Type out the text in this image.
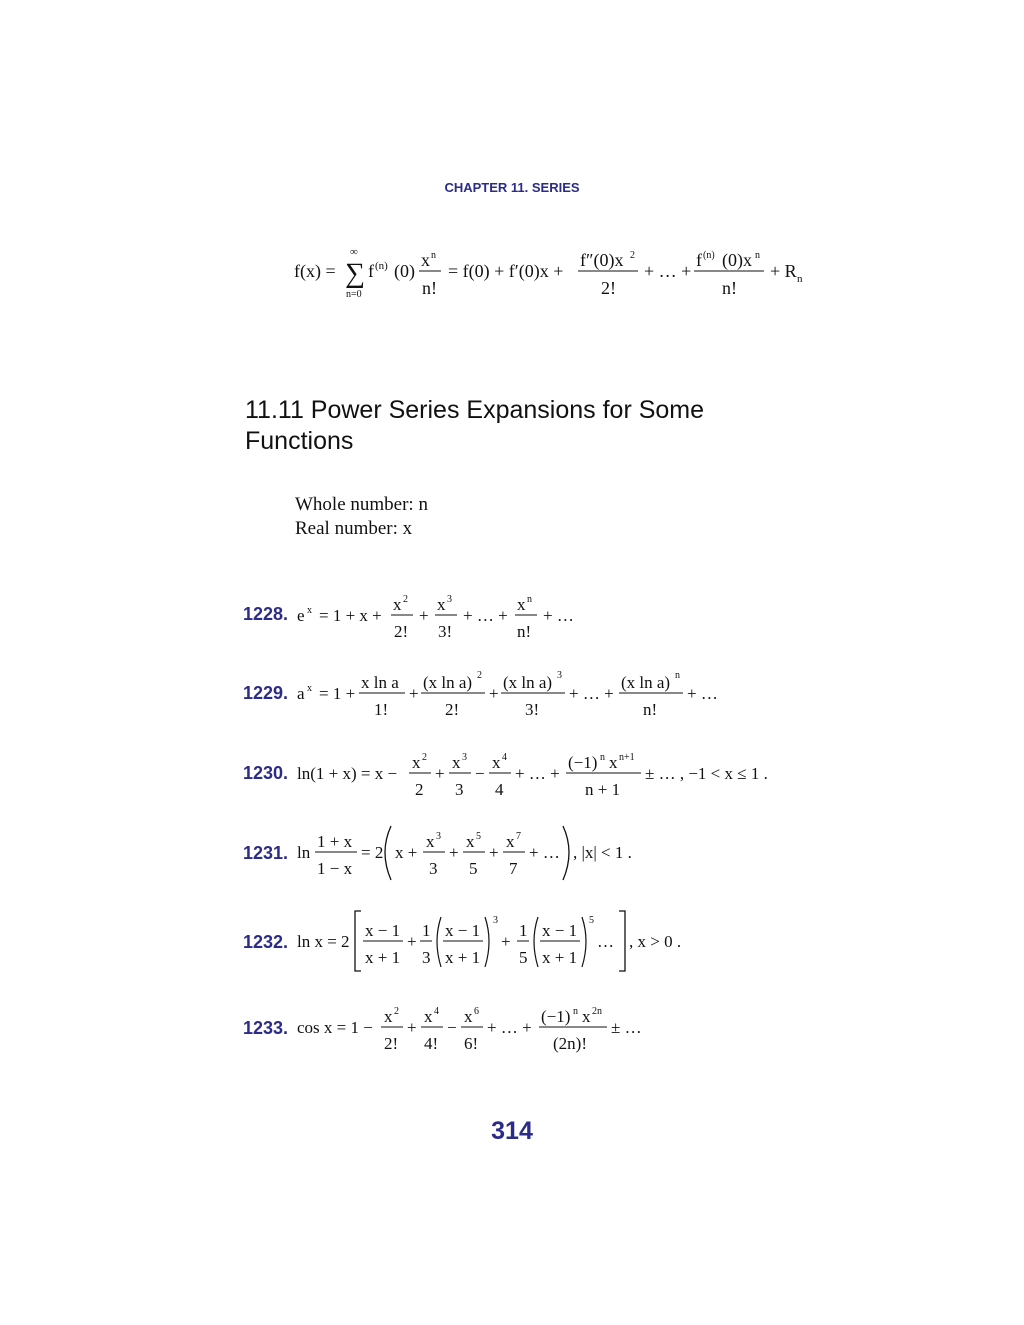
CHAPTER 11. SERIES
f(x) = ∑
∞
n=0
f (n) (0)
x n
n!
= f(0) + f′(0)x +
f″(0)x 2
2!
+ … +
f (n) (0)x n
n!
+ R n
11.11 Power Series Expansions for Some Functions
Whole number: n
Real number: x
1228. e x = 1 + x +
x 2
2!
+
x 3
3!
+ … +
x n
n!
+ …
1229. a x = 1 +
x ln a
1!
+
(x ln a) 2
2!
+
(x ln a) 3
3!
+ … +
(x ln a) n
n!
+ …
1230. ln(1 + x) = x −
x 2
2
+
x 3
3
−
x 4
4
+ … +
(−1) n x n+1
n + 1
± … , −1 < x ≤ 1 .
1231. ln
1 + x
1 − x
= 2 x +
x 3
3
+
x 5
5
+
x 7
7
+ … , |x| < 1 .
1232. ln x = 2
x − 1
x + 1
+
1
3
x − 1
x + 1
3
+
1
5
x − 1
x + 1
5
… , x > 0 .
1233. cos x = 1 −
x 2
2!
+
x 4
4!
−
x 6
6!
+ … +
(−1) n x 2n
(2n)!
± …
314
